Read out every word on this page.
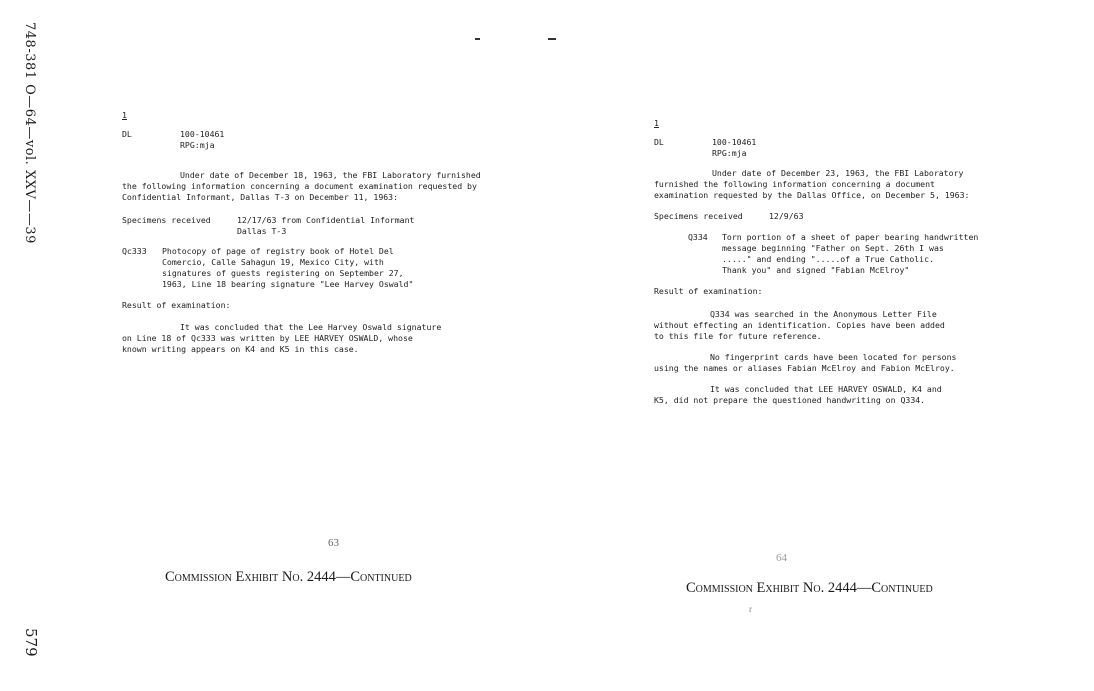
748-381 O—64—vol. XXV——39
579
1
DL	100-10461
RPG:mja

Under date of December 18, 1963, the FBI Laboratory furnished the following information concerning a document examination requested by Confidential Informant, Dallas T-3 on December 11, 1963:

Specimens received	12/17/63 from Confidential Informant
Dallas T-3
Qc333	Photocopy of page of registry book of Hotel Del
Comercio, Calle Sahagun 19, Mexico City, with
signatures of guests registering on September 27,
1963, Line 18 bearing signature "Lee Harvey Oswald"
Result of examination:
It was concluded that the Lee Harvey Oswald signature
on Line 18 of Qc333 was written by LEE HARVEY OSWALD, whose
known writing appears on K4 and K5 in this case.
63
Commission Exhibit No. 2444—Continued
1
DL	100-10461
RPG:mja
Under date of December 23, 1963, the FBI Laboratory
furnished the following information concerning a document
examination requested by the Dallas Office, on December 5, 1963:
Specimens received	12/9/63
Q334	Torn portion of a sheet of paper bearing handwritten
message beginning "Father on Sept. 26th I was
....." and ending ".....of a True Catholic.
Thank you" and signed "Fabian McElroy"
Result of examination:
Q334 was searched in the Anonymous Letter File
without effecting an identification. Copies have been added
to this file for future reference.
No fingerprint cards have been located for persons
using the names or aliases Fabian McElroy and Fabion McElroy.
It was concluded that LEE HARVEY OSWALD, K4 and
K5, did not prepare the questioned handwriting on Q334.
64
Commission Exhibit No. 2444—Continued
r
